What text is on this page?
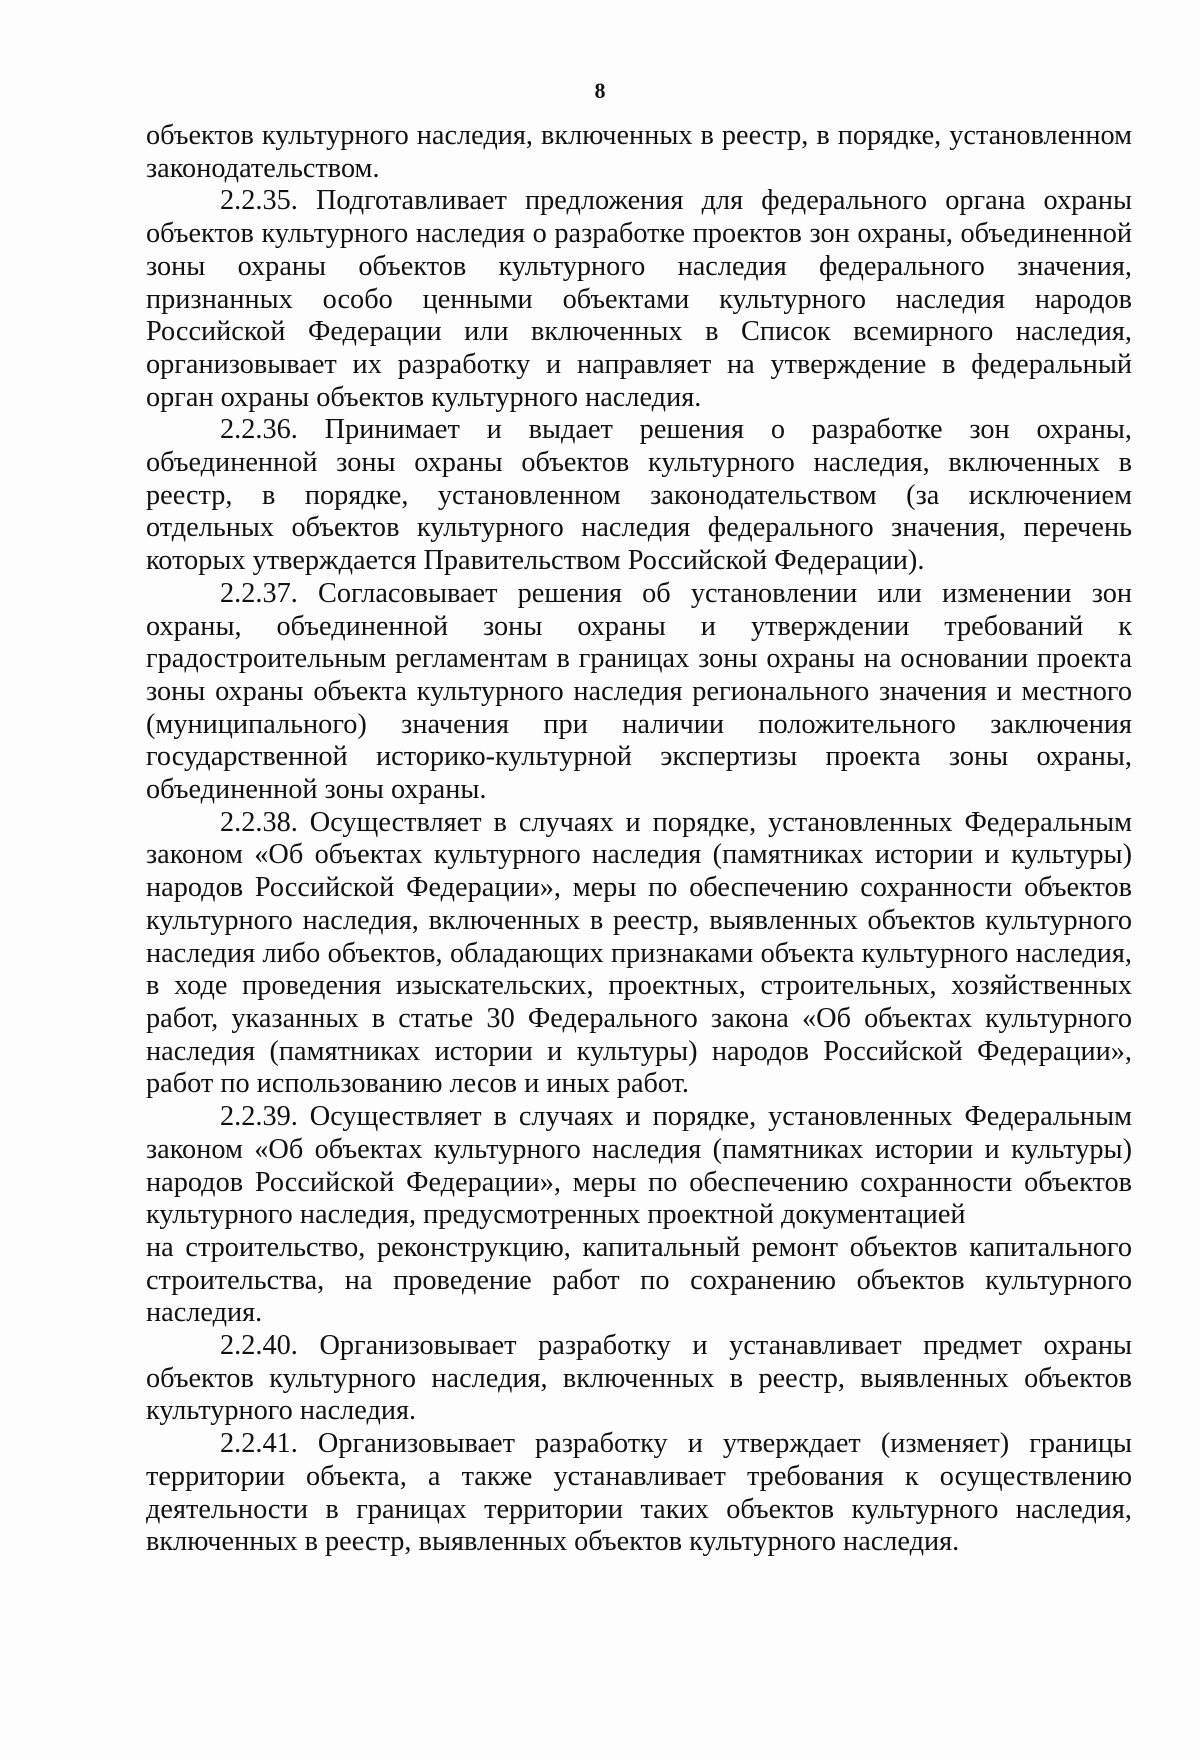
8

объектов культурного наследия, включенных в реестр, в порядке, установленном законодательством.

2.2.35. Подготавливает предложения для федерального органа охраны объектов культурного наследия о разработке проектов зон охраны, объединенной зоны охраны объектов культурного наследия федерального значения, признанных особо ценными объектами культурного наследия народов Российской Федерации или включенных в Список всемирного наследия, организовывает их разработку и направляет на утверждение в федеральный орган охраны объектов культурного наследия.

2.2.36. Принимает и выдает решения о разработке зон охраны, объединенной зоны охраны объектов культурного наследия, включенных в реестр, в порядке, установленном законодательством (за исключением отдельных объектов культурного наследия федерального значения, перечень которых утверждается Правительством Российской Федерации).

2.2.37. Согласовывает решения об установлении или изменении зон охраны, объединенной зоны охраны и утверждении требований к градостроительным регламентам в границах зоны охраны на основании проекта зоны охраны объекта культурного наследия регионального значения и местного (муниципального) значения при наличии положительного заключения государственной историко-культурной экспертизы проекта зоны охраны, объединенной зоны охраны.

2.2.38. Осуществляет в случаях и порядке, установленных Федеральным законом «Об объектах культурного наследия (памятниках истории и культуры) народов Российской Федерации», меры по обеспечению сохранности объектов культурного наследия, включенных в реестр, выявленных объектов культурного наследия либо объектов, обладающих признаками объекта культурного наследия, в ходе проведения изыскательских, проектных, строительных, хозяйственных работ, указанных в статье 30 Федерального закона «Об объектах культурного наследия (памятниках истории и культуры) народов Российской Федерации», работ по использованию лесов и иных работ.

2.2.39. Осуществляет в случаях и порядке, установленных Федеральным законом «Об объектах культурного наследия (памятниках истории и культуры) народов Российской Федерации», меры по обеспечению сохранности объектов культурного наследия, предусмотренных проектной документацией

на строительство, реконструкцию, капитальный ремонт объектов капитального строительства, на проведение работ по сохранению объектов культурного наследия.

2.2.40. Организовывает разработку и устанавливает предмет охраны объектов культурного наследия, включенных в реестр, выявленных объектов культурного наследия.

2.2.41. Организовывает разработку и утверждает (изменяет) границы территории объекта, а также устанавливает требования к осуществлению деятельности в границах территории таких объектов культурного наследия, включенных в реестр, выявленных объектов культурного наследия.
